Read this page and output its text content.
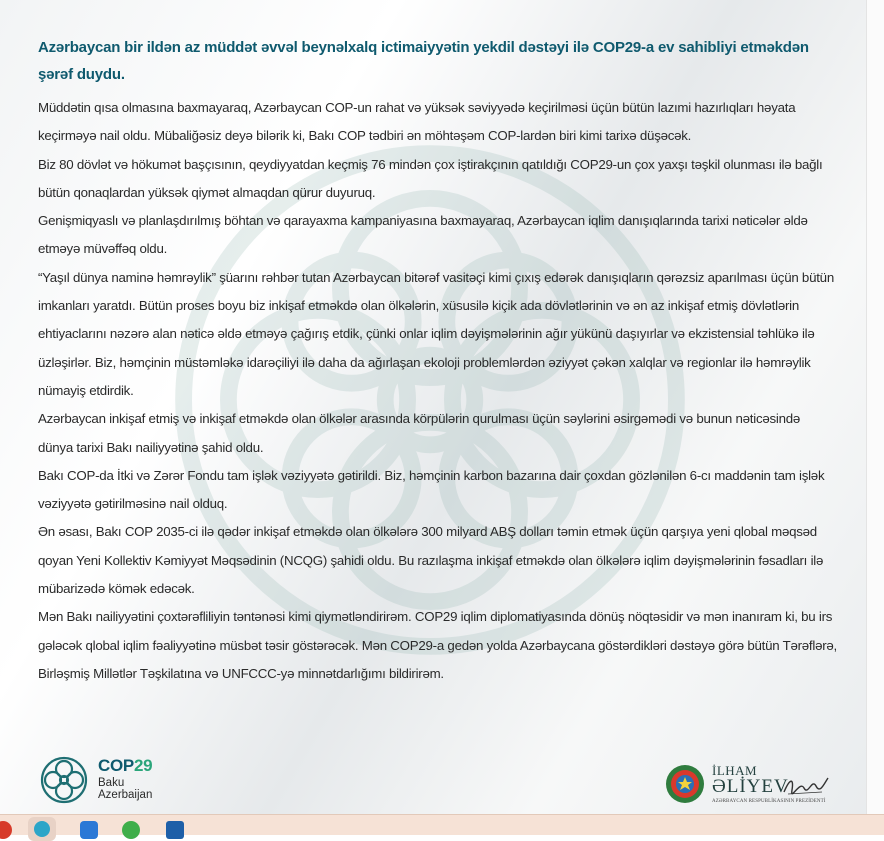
Azərbaycan bir ildən az müddət əvvəl beynəlxalq ictimaiyyətin yekdil dəstəyi ilə COP29-a ev sahibliyi etməkdən şərəf duydu.

Müddətin qısa olmasına baxmayaraq, Azərbaycan COP-un rahat və yüksək səviyyədə keçirilməsi üçün bütün lazımi hazırlıqları həyata keçirməyə nail oldu. Mübaliğəsiz deyə bilərik ki, Bakı COP tədbiri ən möhtəşəm COP-lardən biri kimi tarixə düşəcək.

Biz 80 dövlət və hökumət başçısının, qeydiyyatdan keçmiş 76 mindən çox iştirakçının qatıldığı COP29-un çox yaxşı təşkil olunması ilə bağlı bütün qonaqlardan yüksək qiymət almaqdan qürur duyuruq.

Genişmiqyaslı və planlaşdırılmış böhtan və qarayaxma kampaniyasına baxmayaraq, Azərbaycan iqlim danışıqlarında tarixi nəticələr əldə etməyə müvəffəq oldu.

“Yaşıl dünya naminə həmrəylik” şüarını rəhbər tutan Azərbaycan bitərəf vasitəçi kimi çıxış edərək danışıqların qərəzsiz aparılması üçün bütün imkanları yaratdı. Bütün proses boyu biz inkişaf etməkdə olan ölkələrin, xüsusilə kiçik ada dövlətlərinin və ən az inkişaf etmiş dövlətlərin ehtiyaclarını nəzərə alan nəticə əldə etməyə çağırış etdik, çünki onlar iqlim dəyişmələrinin ağır yükünü daşıyırlar və ekzistensial təhlükə ilə üzləşirlər. Biz, həmçinin müstəmləkə idarəçiliyi ilə daha da ağırlaşan ekoloji problemlərdən əziyyət çəkən xalqlar və regionlar ilə həmrəylik nümayiş etdirdik.

Azərbaycan inkişaf etmiş və inkişaf etməkdə olan ölkələr arasında körpülərin qurulması üçün səylərini əsirgəmədi və bunun nəticəsində dünya tarixi Bakı nailiyyətinə şahid oldu.

Bakı COP-da İtki və Zərər Fondu tam işlək vəziyyətə gətirildi. Biz, həmçinin karbon bazarına dair çoxdan gözlənilən 6-cı maddənin tam işlək vəziyyətə gətirilməsinə nail olduq.

Ən əsası, Bakı COP 2035-ci ilə qədər inkişaf etməkdə olan ölkələrə 300 milyard ABŞ dolları təmin etmək üçün qarşıya yeni qlobal məqsəd qoyan Yeni Kollektiv Kəmiyyət Məqsədinin (NCQG) şahidi oldu. Bu razılaşma inkişaf etməkdə olan ölkələrə iqlim dəyişmələrinin fəsadları ilə mübarizədə kömək edəcək.

Mən Bakı nailiyyətini çoxtərəfliliyin təntənəsi kimi qiymətləndirirəm. COP29 iqlim diplomatiyasında dönüş nöqtəsidir və mən inanıram ki, bu irs gələcək qlobal iqlim fəaliyyətinə müsbət təsir göstərəcək. Mən COP29-a gedən yolda Azərbaycana göstərdikləri dəstəyə görə bütün Tərəflərə, Birləşmiş Millətlər Təşkilatına və UNFCCC-yə minnətdarlığımı bildirirəm.

COP29
Baku
Azerbaijan
İLHAM
ƏLİYEV
AZƏRBAYCAN RESPUBLİKASININ PREZİDENTİ
